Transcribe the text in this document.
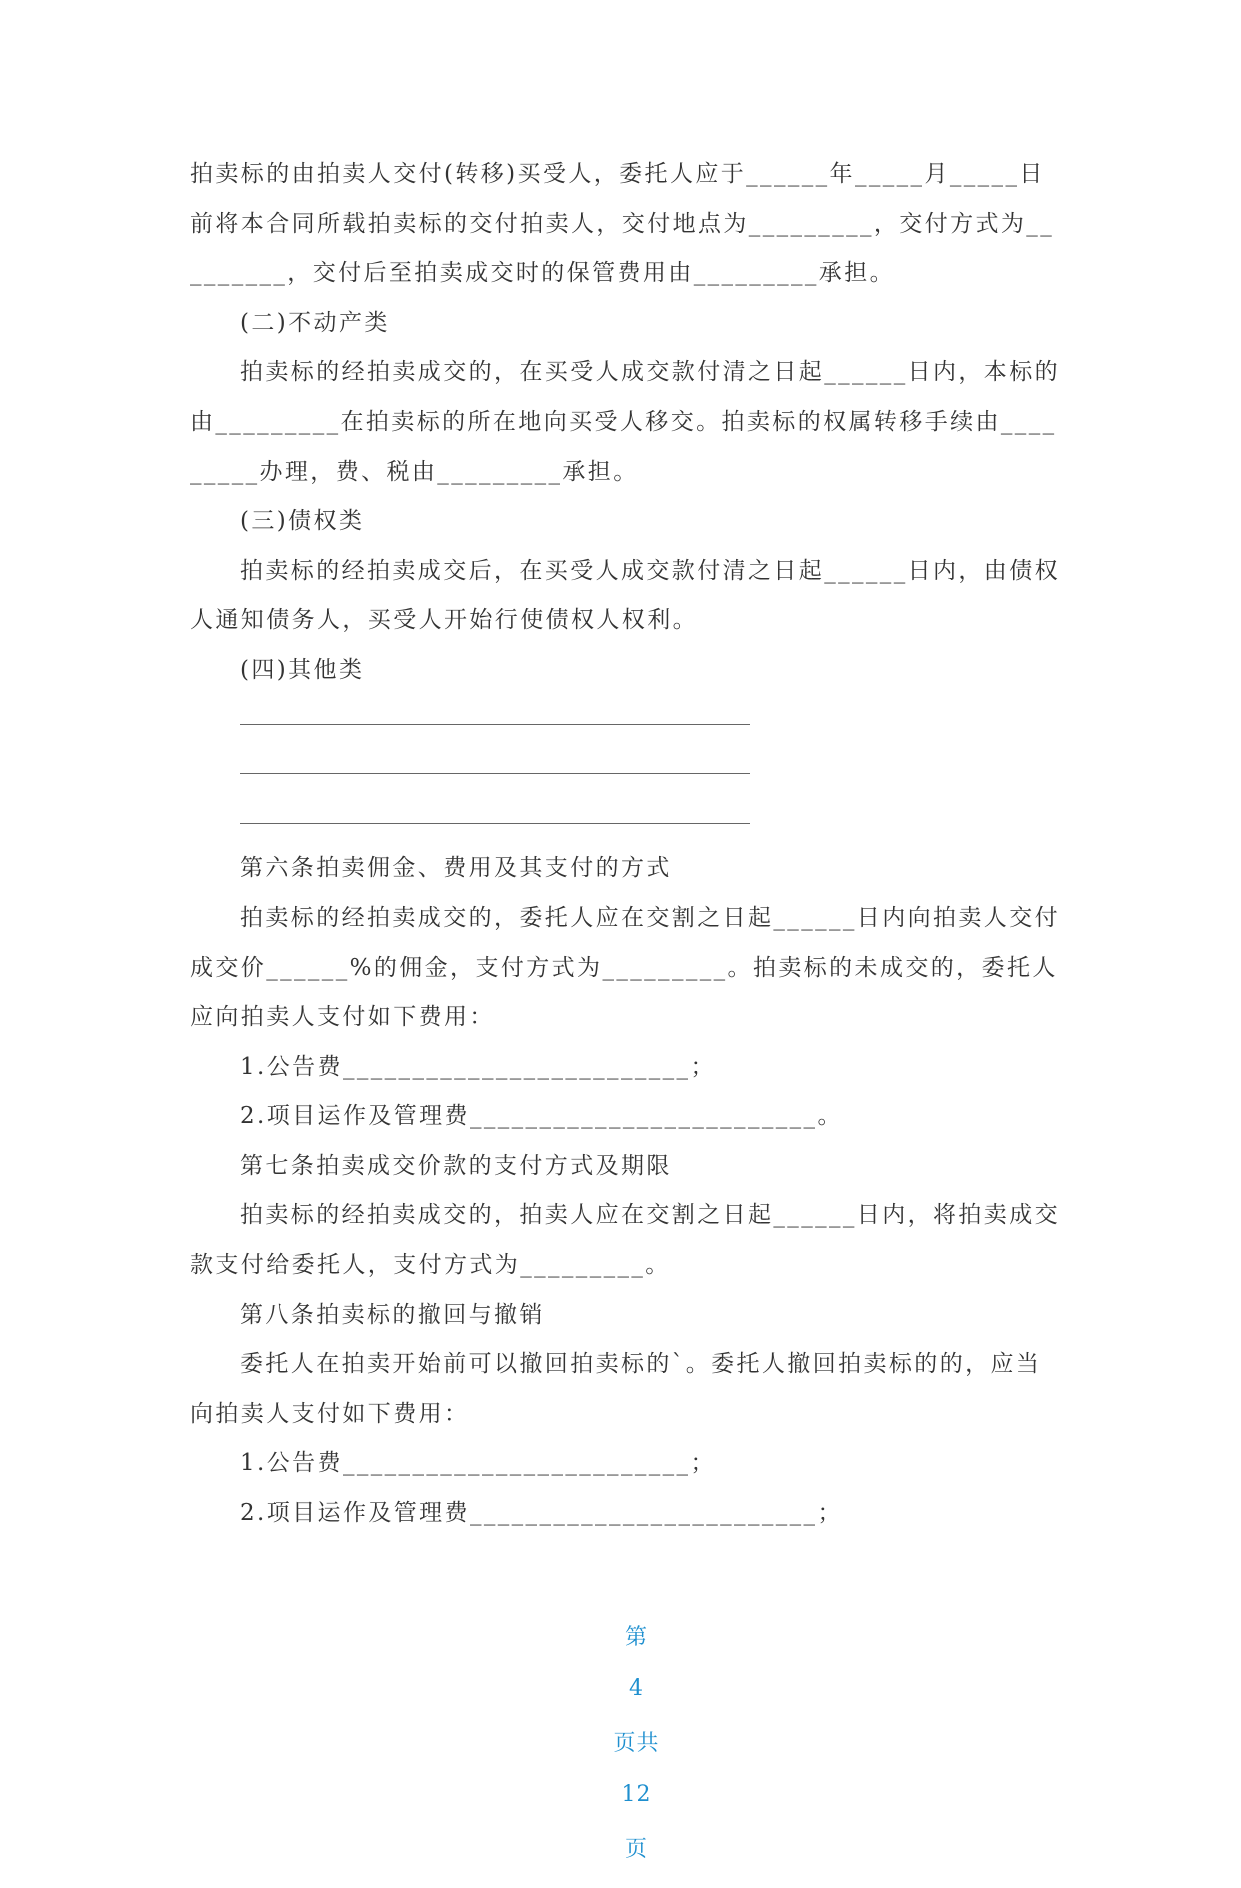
拍卖标的由拍卖人交付(转移)买受人，委托人应于______年_____月_____日前将本合同所载拍卖标的交付拍卖人，交付地点为_________，交付方式为_________，交付后至拍卖成交时的保管费用由_________承担。

(二)不动产类

拍卖标的经拍卖成交的，在买受人成交款付清之日起______日内，本标的由_________在拍卖标的所在地向买受人移交。拍卖标的权属转移手续由_________办理，费、税由_________承担。

(三)债权类

拍卖标的经拍卖成交后，在买受人成交款付清之日起______日内，由债权人通知债务人，买受人开始行使债权人权利。

(四)其他类

第六条拍卖佣金、费用及其支付的方式

拍卖标的经拍卖成交的，委托人应在交割之日起______日内向拍卖人交付成交价______%的佣金，支付方式为_________。拍卖标的未成交的，委托人应向拍卖人支付如下费用：

1.公告费_________________________；

2.项目运作及管理费_________________________。

第七条拍卖成交价款的支付方式及期限

拍卖标的经拍卖成交的，拍卖人应在交割之日起______日内，将拍卖成交款支付给委托人，支付方式为_________。

第八条拍卖标的撤回与撤销

委托人在拍卖开始前可以撤回拍卖标的`。委托人撤回拍卖标的的，应当向拍卖人支付如下费用：

1.公告费_________________________；

2.项目运作及管理费_________________________；

第

4

页共

12

页
